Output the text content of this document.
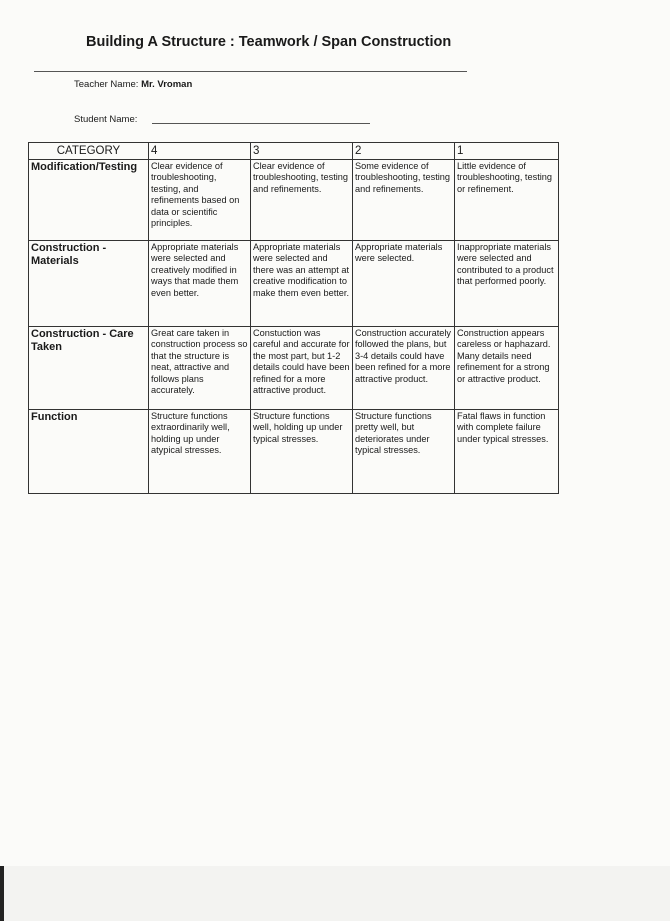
Building A Structure : Teamwork / Span Construction
Teacher Name: Mr. Vroman
Student Name:
CATEGORY	4	3	2	1
Modification/Testing	Clear evidence of troubleshooting, testing, and refinements based on data or scientific principles.	Clear evidence of troubleshooting, testing and refinements.	Some evidence of troubleshooting, testing and refinements.	Little evidence of troubleshooting, testing or refinement.
Construction - Materials	Appropriate materials were selected and creatively modified in ways that made them even better.	Appropriate materials were selected and there was an attempt at creative modification to make them even better.	Appropriate materials were selected.	Inappropriate materials were selected and contributed to a product that performed poorly.
Construction - Care Taken	Great care taken in construction process so that the structure is neat, attractive and follows plans accurately.	Constuction was careful and accurate for the most part, but 1-2 details could have been refined for a more attractive product.	Construction accurately followed the plans, but 3-4 details could have been refined for a more attractive product.	Construction appears careless or haphazard. Many details need refinement for a strong or attractive product.
Function	Structure functions extraordinarily well, holding up under atypical stresses.	Structure functions well, holding up under typical stresses.	Structure functions pretty well, but deteriorates under typical stresses.	Fatal flaws in function with complete failure under typical stresses.
